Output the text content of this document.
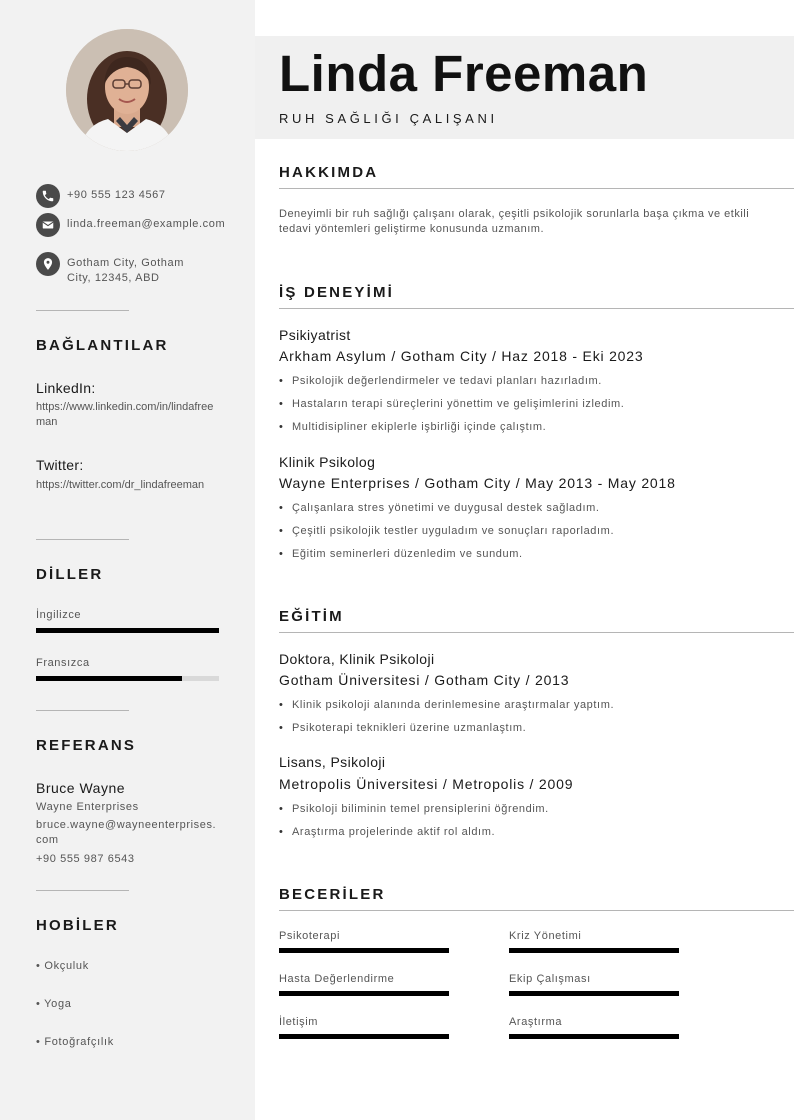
+90 555 123 4567
linda.freeman@example.com
Gotham City, Gotham City, 12345, ABD
BAĞLANTILAR
LinkedIn:
https://www.linkedin.com/in/lindafreeman
Twitter:
https://twitter.com/dr_lindafreeman
DİLLER
İngilizce
Fransızca
REFERANS
Bruce Wayne
Wayne Enterprises
bruce.wayne@wayneenterprises.com
+90 555 987 6543
HOBİLER
• Okçuluk
• Yoga
• Fotoğrafçılık
Linda Freeman
RUH SAĞLIĞI ÇALIŞANI
HAKKIMDA
Deneyimli bir ruh sağlığı çalışanı olarak, çeşitli psikolojik sorunlarla başa çıkma ve etkili tedavi yöntemleri geliştirme konusunda uzmanım.
İŞ DENEYİMİ
Psikiyatrist
Arkham Asylum / Gotham City / Haz 2018 - Eki 2023
• Psikolojik değerlendirmeler ve tedavi planları hazırladım.
• Hastaların terapi süreçlerini yönettim ve gelişimlerini izledim.
• Multidisipliner ekiplerle işbirliği içinde çalıştım.
Klinik Psikolog
Wayne Enterprises / Gotham City / May 2013 - May 2018
• Çalışanlara stres yönetimi ve duygusal destek sağladım.
• Çeşitli psikolojik testler uyguladım ve sonuçları raporladım.
• Eğitim seminerleri düzenledim ve sundum.
EĞİTİM
Doktora, Klinik Psikoloji
Gotham Üniversitesi / Gotham City / 2013
• Klinik psikoloji alanında derinlemesine araştırmalar yaptım.
• Psikoterapi teknikleri üzerine uzmanlaştım.
Lisans, Psikoloji
Metropolis Üniversitesi / Metropolis / 2009
• Psikoloji biliminin temel prensiplerini öğrendim.
• Araştırma projelerinde aktif rol aldım.
BECERİLER
Psikoterapi	Kriz Yönetimi
Hasta Değerlendirme	Ekip Çalışması
İletişim	Araştırma
